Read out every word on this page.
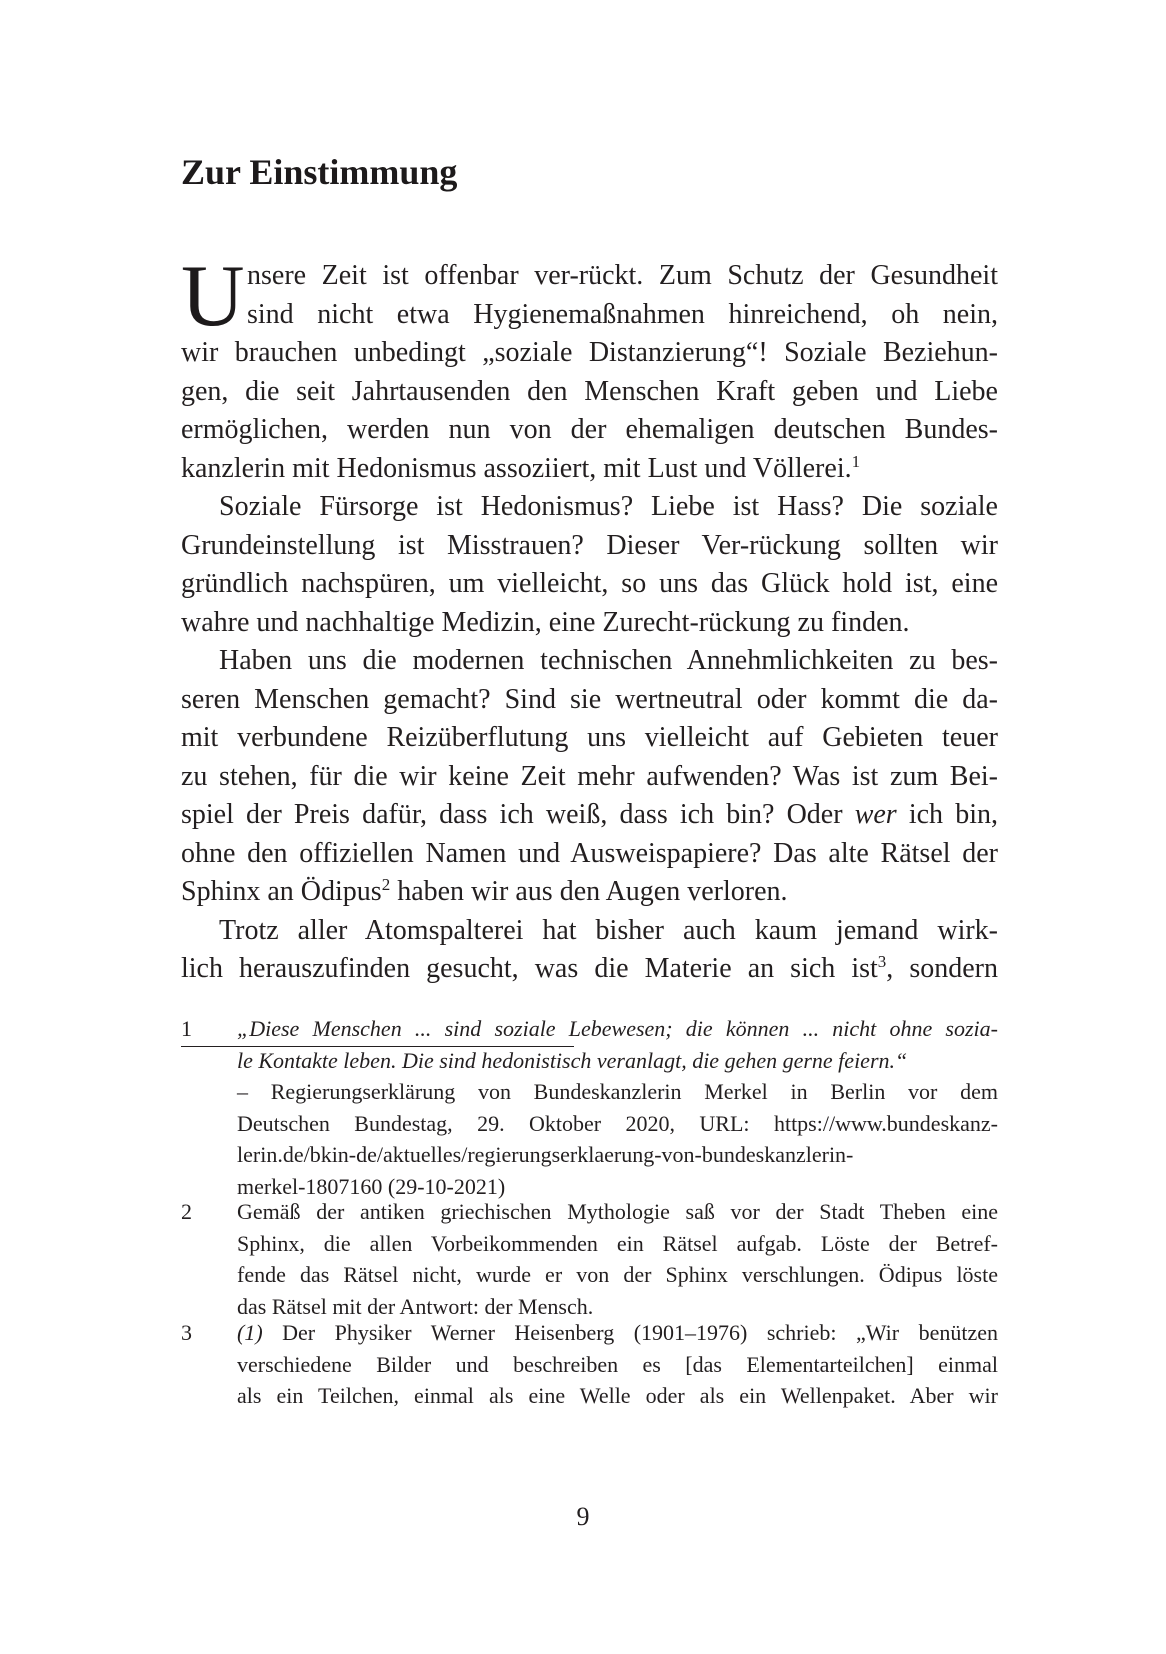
Zur Einstimmung
U nsere Zeit ist offenbar ver-rückt. Zum Schutz der Gesundheit
sind nicht etwa Hygienemaßnahmen hinreichend, oh nein,
wir brauchen unbedingt „soziale Distanzierung“! Soziale Beziehun-
gen, die seit Jahrtausenden den Menschen Kraft geben und Liebe
ermöglichen, werden nun von der ehemaligen deutschen Bundes-
kanzlerin mit Hedonismus assoziiert, mit Lust und Völlerei.$^1$
Soziale Fürsorge ist Hedonismus? Liebe ist Hass? Die soziale
Grundeinstellung ist Misstrauen? Dieser Ver-rückung sollten wir
gründlich nachspüren, um vielleicht, so uns das Glück hold ist, eine
wahre und nachhaltige Medizin, eine Zurecht-rückung zu finden.
Haben uns die modernen technischen Annehmlichkeiten zu bes-
seren Menschen gemacht? Sind sie wertneutral oder kommt die da-
mit verbundene Reizüberflutung uns vielleicht auf Gebieten teuer
zu stehen, für die wir keine Zeit mehr aufwenden? Was ist zum Bei-
spiel der Preis dafür, dass ich weiß, dass ich bin? Oder wer ich bin,
ohne den offiziellen Namen und Ausweispapiere? Das alte Rätsel der
Sphinx an Ödipus$^2$ haben wir aus den Augen verloren.
Trotz aller Atomspalterei hat bisher auch kaum jemand wirk-
lich herauszufinden gesucht, was die Materie an sich ist$^3$, sondern
1	„Diese Menschen ... sind soziale Lebewesen; die können ... nicht ohne sozia-
le Kontakte leben. Die sind hedonistisch veranlagt, die gehen gerne feiern.“
– Regierungserklärung von Bundeskanzlerin Merkel in Berlin vor dem
Deutschen Bundestag, 29. Oktober 2020, URL: https://www.bundeskanz-
lerin.de/bkin-de/aktuelles/regierungserklaerung-von-bundeskanzlerin-
merkel-1807160 (29-10-2021)
2	Gemäß der antiken griechischen Mythologie saß vor der Stadt Theben eine
Sphinx, die allen Vorbeikommenden ein Rätsel aufgab. Löste der Betref-
fende das Rätsel nicht, wurde er von der Sphinx verschlungen. Ödipus löste
das Rätsel mit der Antwort: der Mensch.
3	(1) Der Physiker Werner Heisenberg (1901–1976) schrieb: „Wir benützen
verschiedene Bilder und beschreiben es [das Elementarteilchen] einmal
als ein Teilchen, einmal als eine Welle oder als ein Wellenpaket. Aber wir
9
